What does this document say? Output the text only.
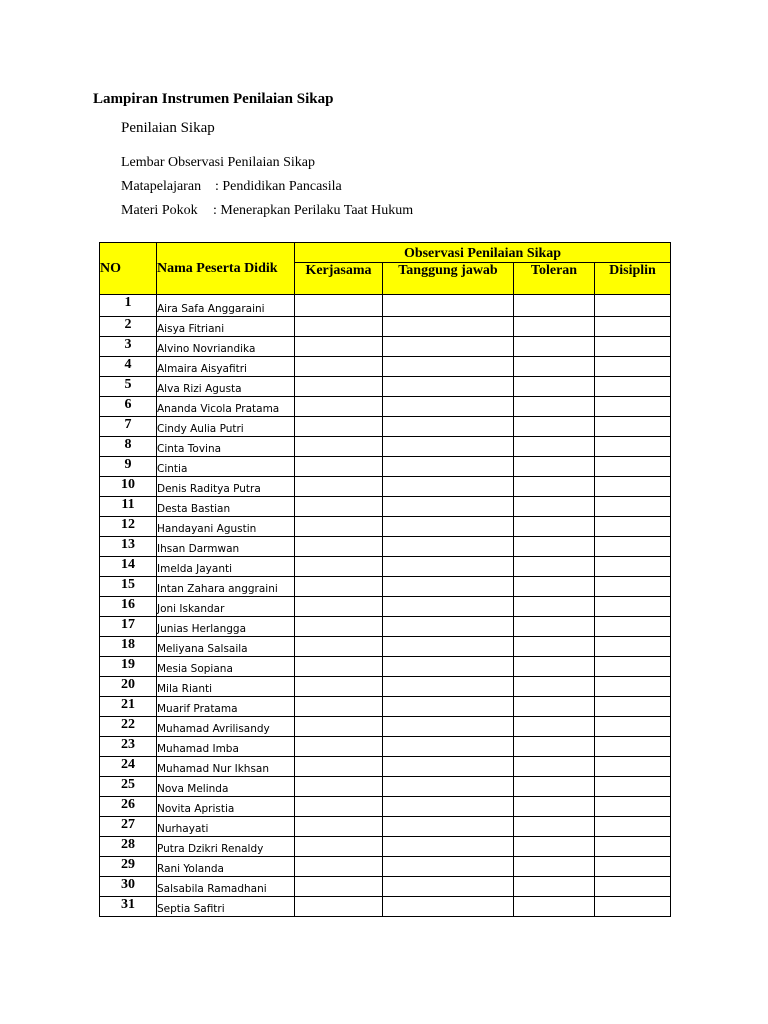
Lampiran Instrumen Penilaian Sikap
Penilaian Sikap
Lembar Observasi Penilaian Sikap
Matapelajaran : Pendidikan Pancasila
Materi Pokok : Menerapkan Perilaku Taat Hukum
NO	Nama Peserta Didik	Observasi Penilaian Sikap			
		Kerjasama	Tanggung jawab	Toleran	Disiplin
1	Aira Safa Anggaraini				
2	Aisya Fitriani				
3	Alvino Novriandika				
4	Almaira Aisyafitri				
5	Alva Rizi Agusta				
6	Ananda Vicola Pratama				
7	Cindy Aulia Putri				
8	Cinta Tovina				
9	Cintia				
10	Denis Raditya Putra				
11	Desta Bastian				
12	Handayani Agustin				
13	Ihsan Darmwan				
14	Imelda Jayanti				
15	Intan Zahara anggraini				
16	Joni Iskandar				
17	Junias Herlangga				
18	Meliyana Salsaila				
19	Mesia Sopiana				
20	Mila Rianti				
21	Muarif Pratama				
22	Muhamad Avrilisandy				
23	Muhamad Imba				
24	Muhamad Nur Ikhsan				
25	Nova Melinda				
26	Novita Apristia				
27	Nurhayati				
28	Putra Dzikri Renaldy				
29	Rani Yolanda				
30	Salsabila Ramadhani				
31	Septia Safitri				
